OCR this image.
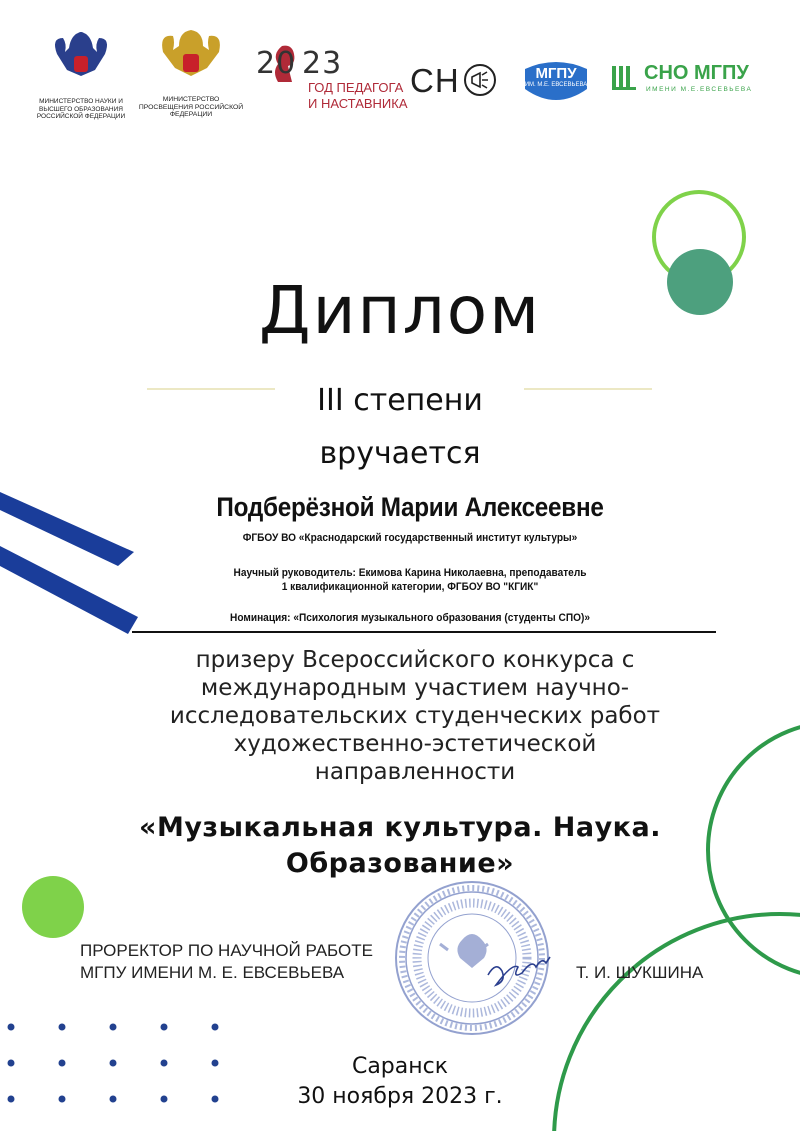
МИНИСТЕРСТВО НАУКИ И ВЫСШЕГО ОБРАЗОВАНИЯ РОССИЙСКОЙ ФЕДЕРАЦИИ
МИНИСТЕРСТВО ПРОСВЕЩЕНИЯ РОССИЙСКОЙ ФЕДЕРАЦИИ
20 23
ГОД ПЕДАГОГА
И НАСТАВНИКА
СН	МГПУ
ИМ. М.Е. ЕВСЕВЬЕВА
СНО МГПУ
ИМЕНИ М.Е.ЕВСЕВЬЕВА
Диплом
III степени
вручается
Подберёзной Марии Алексеевне
ФГБОУ ВО «Краснодарский государственный институт культуры»
Научный руководитель: Екимова Карина Николаевна, преподаватель
1 квалификационной категории, ФГБОУ ВО "КГИК"
Номинация: «Психология музыкального образования (студенты СПО)»
призеру Всероссийского конкурса с международным участием научно-исследовательских студенческих работ художественно-эстетической направленности
«Музыкальная культура. Наука.
Образование»
ПРОРЕКТОР ПО НАУЧНОЙ РАБОТЕ
МГПУ ИМЕНИ М. Е. ЕВСЕВЬЕВА	Т. И. ШУКШИНА
Саранск
30 ноября 2023 г.
